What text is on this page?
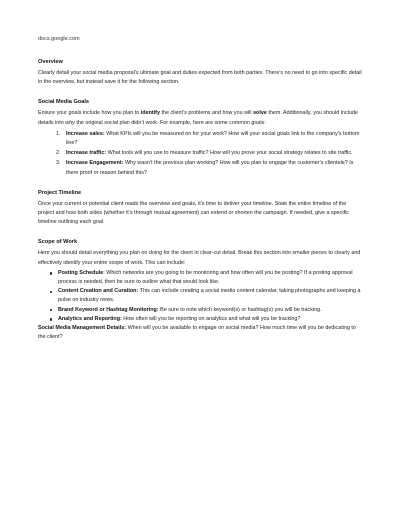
docs.google.com
Overview

Clearly detail your social media proposal’s ultimate goal and duties expected from both parties. There’s no need to go into specific detail in the overview, but instead save it for the following section.

Social Media Goals

Ensure your goals include how you plan to identify the client’s problems and how you will solve them. Additionally, you should include details into why the original social plan didn’t work. For example, here are some common goals:

1. Increase sales: What KPIs will you be measured on for your work? How will your social goals link to the company’s bottom line?
2. Increase traffic: What tools will you use to measure traffic? How will you prove your social strategy relates to site traffic.
3. Increase Engagement: Why wasn’t the previous plan working? How will you plan to engage the customer’s clientele? Is there proof or reason behind this?
Project Timeline

Once your current or potential client reads the overview and goals, it’s time to deliver your timeline. State the entire timeline of the project and how both sides (whether it’s through mutual agreement) can extend or shorten the campaign. If needed, give a specific timeline outlining each goal.

Scope of Work

Here you should detail everything you plan on doing for the client in clear-cut detail. Break this section into smaller pieces to clearly and effectively identify your entire scope of work. This can include:

Posting Schedule: Which networks are you going to be monitoring and how often will you be posting? If a posting approval process is needed, then be sure to outline what that would look like.
Content Creation and Curation: This can include creating a social media content calendar, taking photographs and keeping a pulse on industry news.
Brand Keyword or Hashtag Monitoring: Be sure to note which keyword(s) or hashtag(s) you will be tracking.
Analytics and Reporting: How often will you be reporting on analytics and what will you be tracking?

Social Media Management Details: When will you be available to engage on social media? How much time will you be dedicating to the client?
